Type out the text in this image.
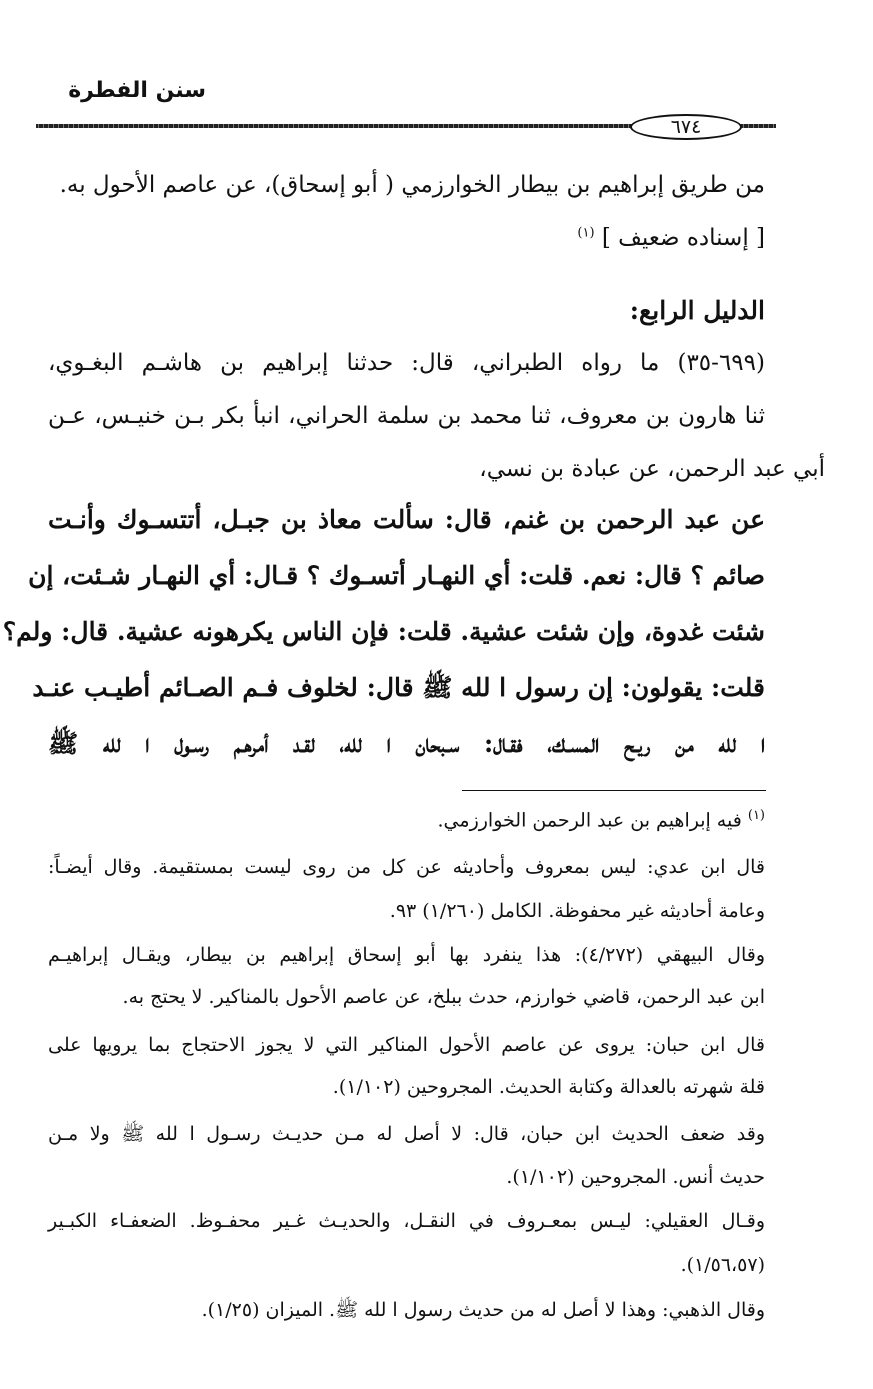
سنن الفطرة
٦٧٤
من طريق إبراهيم بن بيطار الخوارزمي ( أبو إسحاق)، عن عاصم الأحول به.
[ إسناده ضعيف ] $^{(١)}$
الدليل الرابع:
(٦٩٩-٣٥) ما رواه الطبراني، قال: حدثنا إبراهيم بن هاشـم البغـوي،
ثنا هارون بن معروف، ثنا محمد بن سلمة الحراني، انبأ بكر بـن خنيـس، عـن
أبي عبد الرحمن، عن عبادة بن نسي،
عن عبد الرحمن بن غنم، قال: سألت معاذ بن جبـل، أتتسـوك وأنـت
صائم ؟ قال: نعم. قلت: أي النهـار أتسـوك ؟ قـال: أي النهـار شـئت، إن
شئت غدوة، وإن شئت عشية. قلت: فإن الناس يكرهونه عشية. قال: ولم؟
قلت: يقولون: إن رسول ا لله ﷺ قال: لخلوف فـم الصـائم أطيـب عنـد
ا لله من ريـح المسـك، فقـال: سـبحان ا لله، لقـد أمرهـم رسـول ا لله ﷺ
$^{(١)}$ فيه إبراهيم بن عبد الرحمن الخوارزمي.
قال ابن عدي: ليس بمعروف وأحاديثه عن كل من روى ليست بمستقيمة. وقال أيضـاً:
وعامة أحاديثه غير محفوظة. الكامل (١/٢٦٠) ٩٣.
وقال البيهقي (٤/٢٧٢): هذا ينفرد بها أبو إسحاق إبراهيم بن بيطار، ويقـال إبراهيـم
ابن عبد الرحمن، قاضي خوارزم، حدث ببلخ، عن عاصم الأحول بالمناكير. لا يحتج به.
قال ابن حبان: يروى عن عاصم الأحول المناكير التي لا يجوز الاحتجاج بما يرويها على
قلة شهرته بالعدالة وكتابة الحديث. المجروحين (١/١٠٢).
وقد ضعف الحديث ابن حبان، قال: لا أصل له مـن حديـث رسـول ا لله ﷺ ولا مـن
حديث أنس. المجروحين (١/١٠٢).
وقـال العقيلي: ليـس بمعـروف في النقـل، والحديـث غـير محفـوظ. الضعفـاء الكبـير
(١/٥٦،٥٧).
وقال الذهبي: وهذا لا أصل له من حديث رسول ا لله ﷺ. الميزان (١/٢٥).
